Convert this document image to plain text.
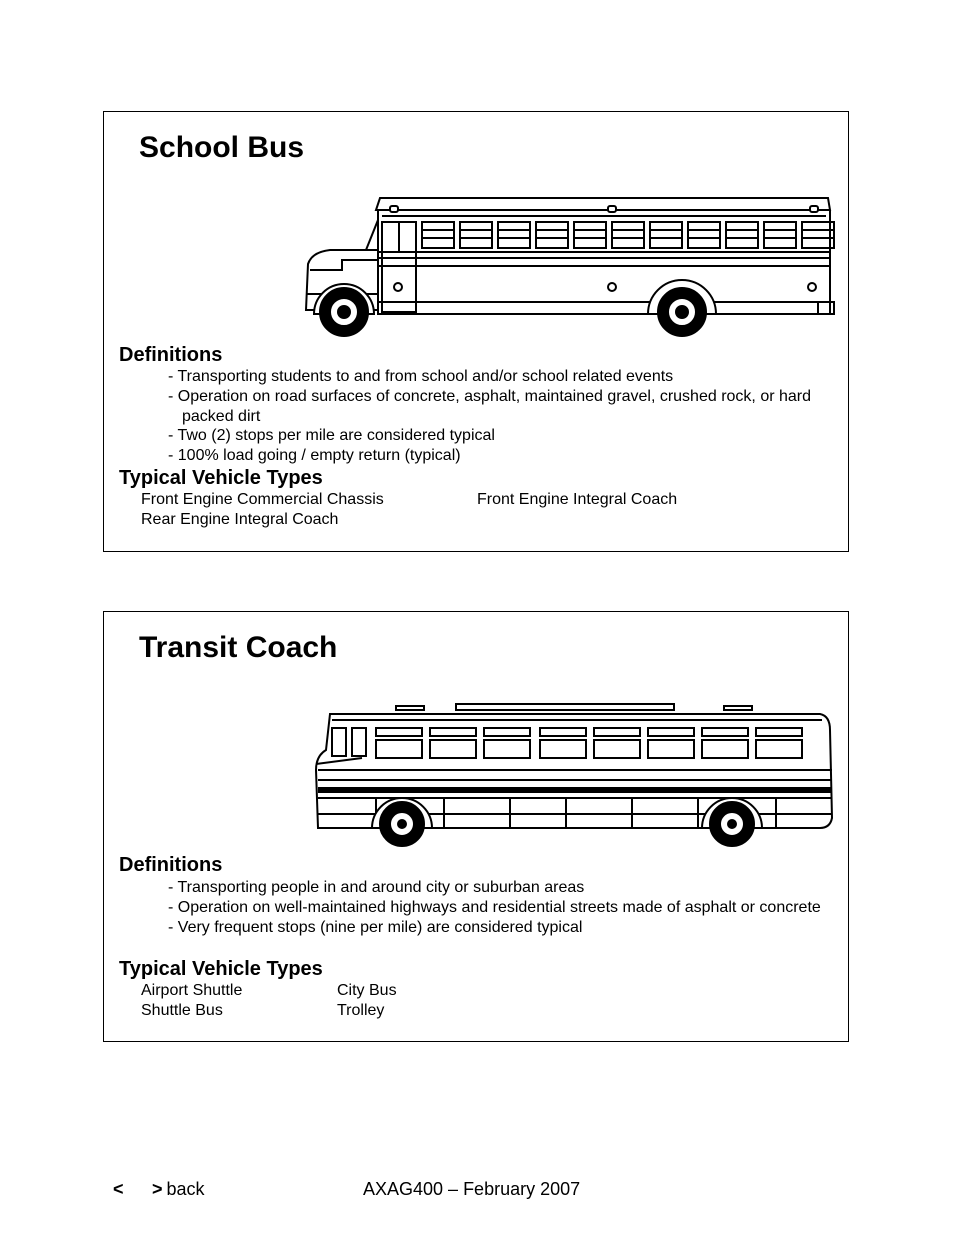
School Bus
Definitions
- Transporting students to and from school and/or school related events
- Operation on road surfaces of concrete, asphalt, maintained gravel, crushed rock, or hard packed dirt
- Two (2) stops per mile are considered typical
- 100% load going / empty return (typical)
Typical Vehicle Types
Front Engine Commercial Chassis	Front Engine Integral Coach
Rear Engine Integral Coach
Transit Coach
Definitions
- Transporting people in and around city or suburban areas
- Operation on well-maintained highways and residential streets made of asphalt or concrete
- Very frequent stops (nine per mile) are considered typical
Typical Vehicle Types
Airport Shuttle	City Bus
Shuttle Bus	Trolley
<	> back	AXAG400 – February 2007
